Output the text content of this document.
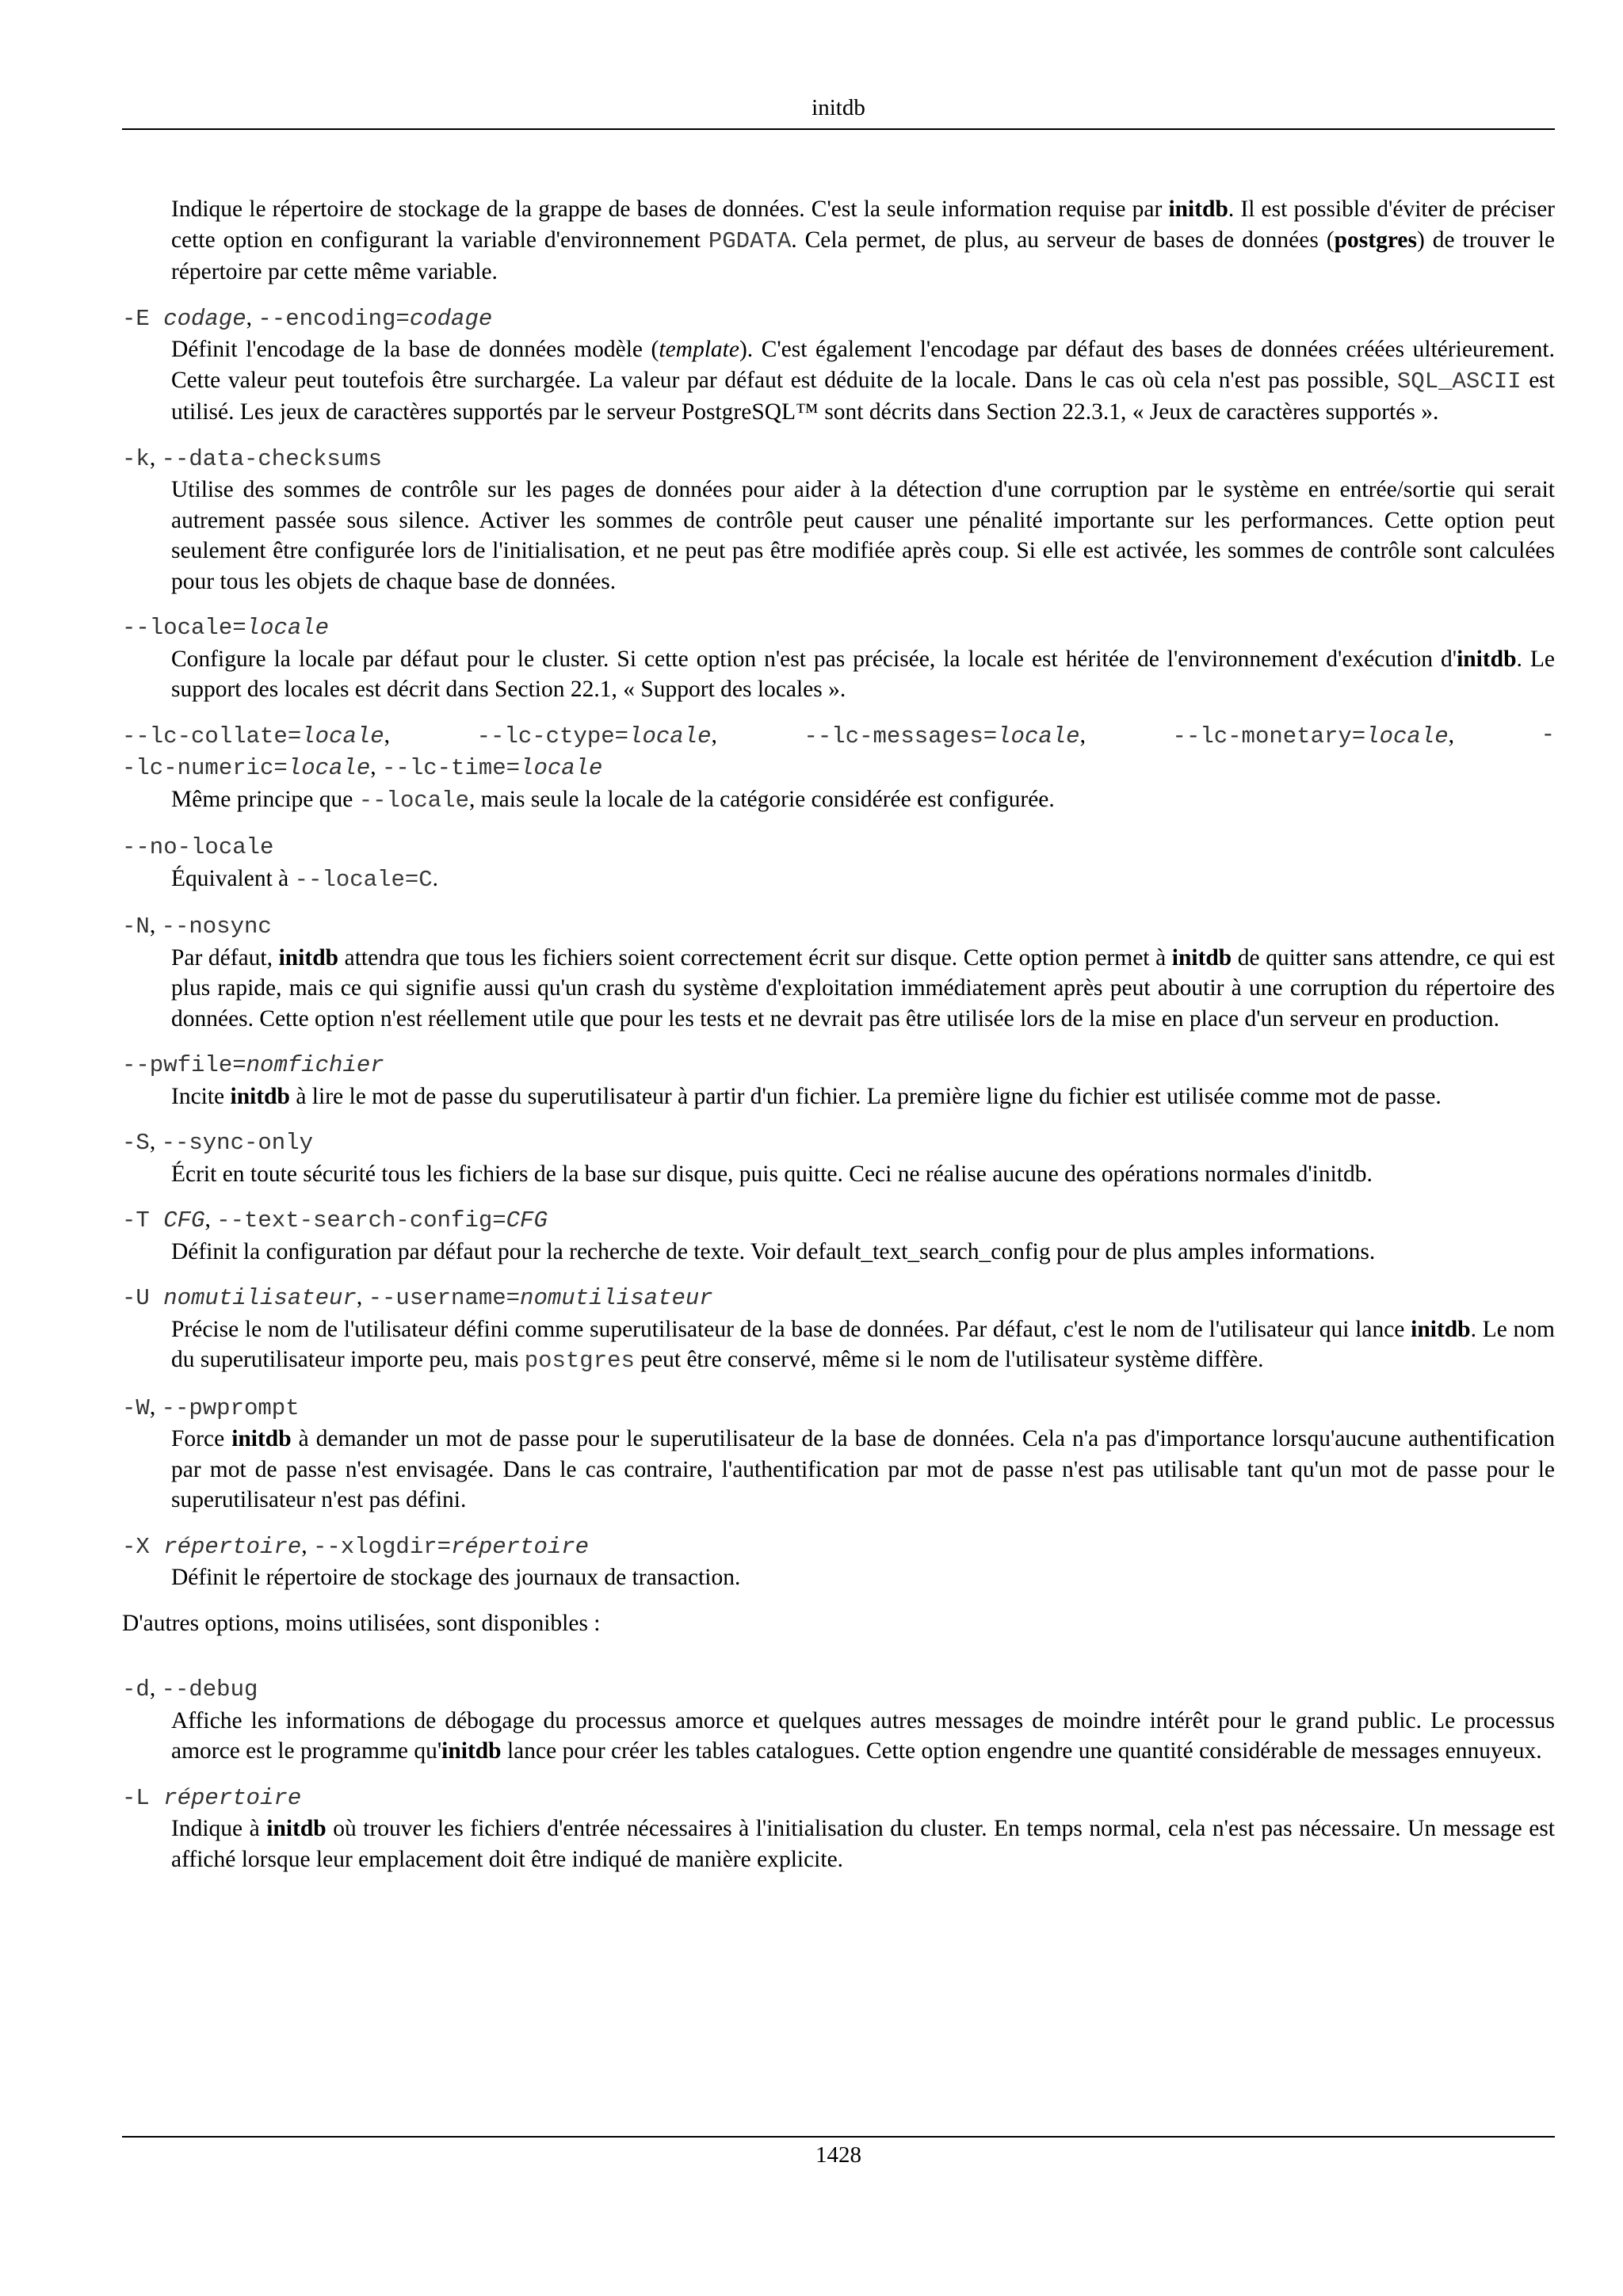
initdb
Indique le répertoire de stockage de la grappe de bases de données. C'est la seule information requise par initdb. Il est possible d'éviter de préciser cette option en configurant la variable d'environnement PGDATA. Cela permet, de plus, au serveur de bases de données (postgres) de trouver le répertoire par cette même variable.
-E codage, --encoding=codage
Définit l'encodage de la base de données modèle (template). C'est également l'encodage par défaut des bases de données créées ultérieurement. Cette valeur peut toutefois être surchargée. La valeur par défaut est déduite de la locale. Dans le cas où cela n'est pas possible, SQL_ASCII est utilisé. Les jeux de caractères supportés par le serveur PostgreSQL™ sont décrits dans Section 22.3.1, « Jeux de caractères supportés ».
-k, --data-checksums
Utilise des sommes de contrôle sur les pages de données pour aider à la détection d'une corruption par le système en entrée/sortie qui serait autrement passée sous silence. Activer les sommes de contrôle peut causer une pénalité importante sur les performances. Cette option peut seulement être configurée lors de l'initialisation, et ne peut pas être modifiée après coup. Si elle est activée, les sommes de contrôle sont calculées pour tous les objets de chaque base de données.
--locale=locale
Configure la locale par défaut pour le cluster. Si cette option n'est pas précisée, la locale est héritée de l'environnement d'exécution d'initdb. Le support des locales est décrit dans Section 22.1, « Support des locales ».
--lc-collate=locale,	--lc-ctype=locale,	--lc-messages=locale,	--lc-monetary=locale,	-
-lc-numeric=locale, --lc-time=locale
Même principe que --locale, mais seule la locale de la catégorie considérée est configurée.
--no-locale
Équivalent à --locale=C.
-N, --nosync
Par défaut, initdb attendra que tous les fichiers soient correctement écrit sur disque. Cette option permet à initdb de quitter sans attendre, ce qui est plus rapide, mais ce qui signifie aussi qu'un crash du système d'exploitation immédiatement après peut aboutir à une corruption du répertoire des données. Cette option n'est réellement utile que pour les tests et ne devrait pas être utilisée lors de la mise en place d'un serveur en production.
--pwfile=nomfichier
Incite initdb à lire le mot de passe du superutilisateur à partir d'un fichier. La première ligne du fichier est utilisée comme mot de passe.
-S, --sync-only
Écrit en toute sécurité tous les fichiers de la base sur disque, puis quitte. Ceci ne réalise aucune des opérations normales d'initdb.
-T CFG, --text-search-config=CFG
Définit la configuration par défaut pour la recherche de texte. Voir default_text_search_config pour de plus amples informations.
-U nomutilisateur, --username=nomutilisateur
Précise le nom de l'utilisateur défini comme superutilisateur de la base de données. Par défaut, c'est le nom de l'utilisateur qui lance initdb. Le nom du superutilisateur importe peu, mais postgres peut être conservé, même si le nom de l'utilisateur système diffère.
-W, --pwprompt
Force initdb à demander un mot de passe pour le superutilisateur de la base de données. Cela n'a pas d'importance lorsqu'aucune authentification par mot de passe n'est envisagée. Dans le cas contraire, l'authentification par mot de passe n'est pas utilisable tant qu'un mot de passe pour le superutilisateur n'est pas défini.
-X répertoire, --xlogdir=répertoire
Définit le répertoire de stockage des journaux de transaction.
D'autres options, moins utilisées, sont disponibles :
-d, --debug
Affiche les informations de débogage du processus amorce et quelques autres messages de moindre intérêt pour le grand public. Le processus amorce est le programme qu'initdb lance pour créer les tables catalogues. Cette option engendre une quantité considérable de messages ennuyeux.
-L répertoire
Indique à initdb où trouver les fichiers d'entrée nécessaires à l'initialisation du cluster. En temps normal, cela n'est pas nécessaire. Un message est affiché lorsque leur emplacement doit être indiqué de manière explicite.
1428
